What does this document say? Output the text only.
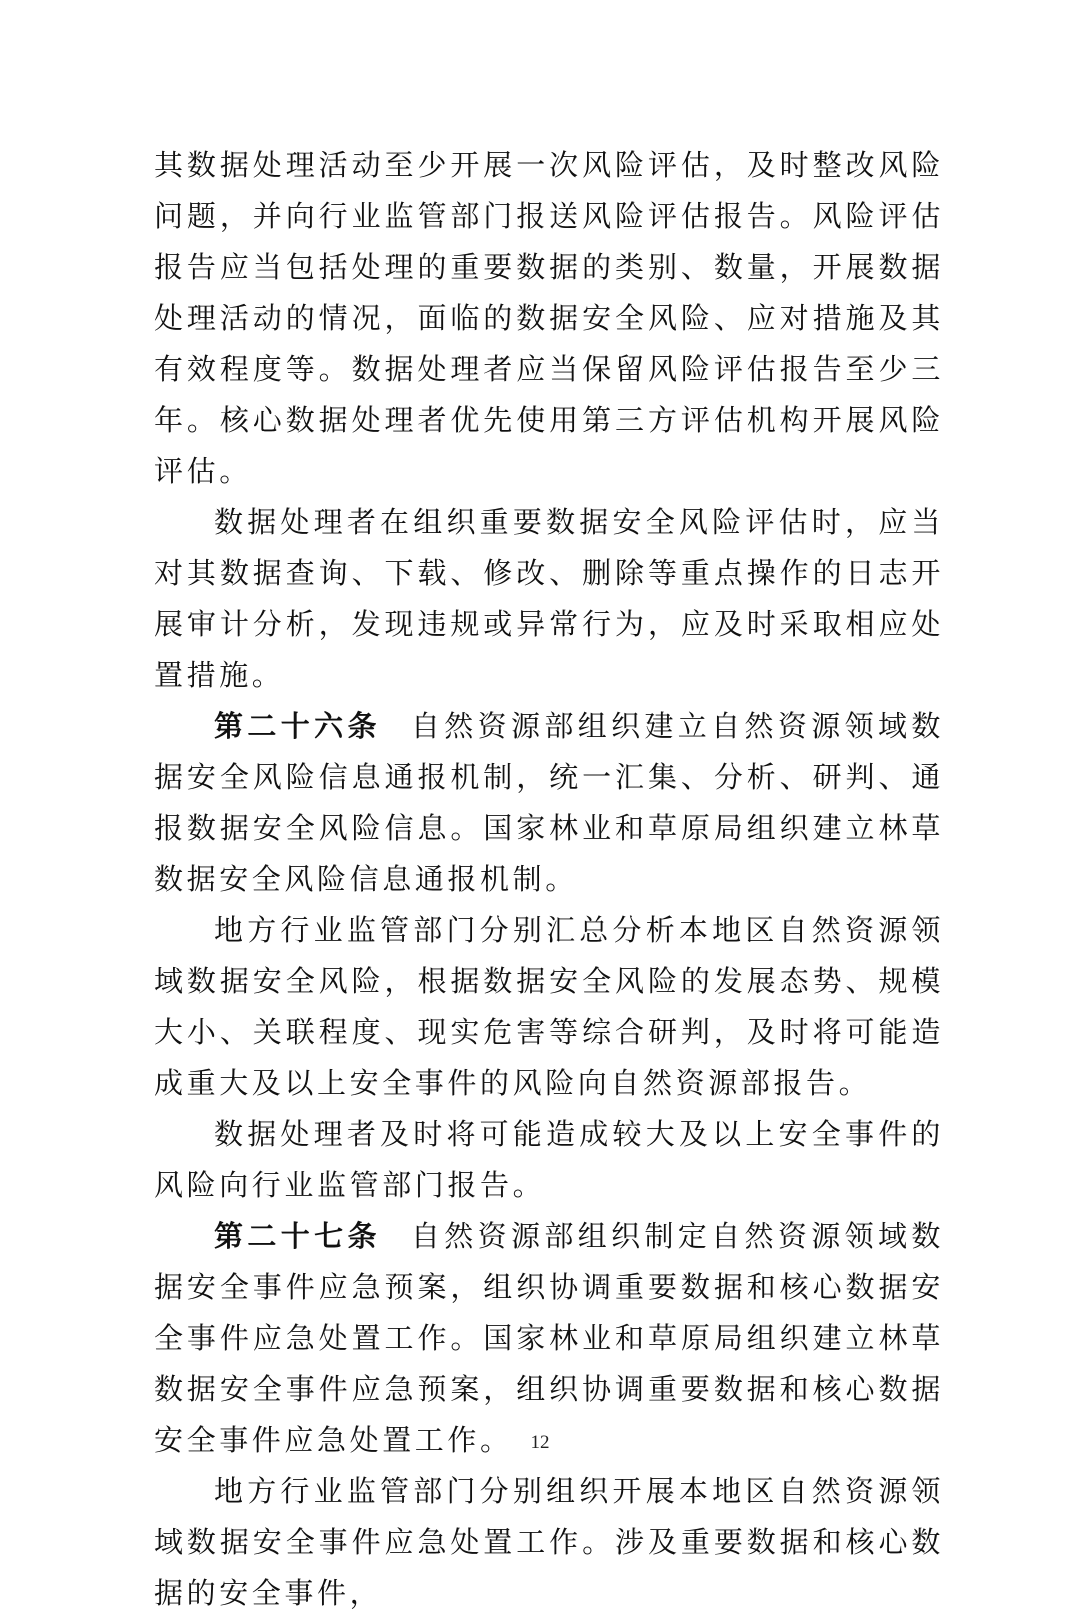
其数据处理活动至少开展一次风险评估，及时整改风险问题，并向行业监管部门报送风险评估报告。风险评估报告应当包括处理的重要数据的类别、数量，开展数据处理活动的情况，面临的数据安全风险、应对措施及其有效程度等。数据处理者应当保留风险评估报告至少三年。核心数据处理者优先使用第三方评估机构开展风险评估。

数据处理者在组织重要数据安全风险评估时，应当对其数据查询、下载、修改、删除等重点操作的日志开展审计分析，发现违规或异常行为，应及时采取相应处置措施。

第二十六条 自然资源部组织建立自然资源领域数据安全风险信息通报机制，统一汇集、分析、研判、通报数据安全风险信息。国家林业和草原局组织建立林草数据安全风险信息通报机制。

地方行业监管部门分别汇总分析本地区自然资源领域数据安全风险，根据数据安全风险的发展态势、规模大小、关联程度、现实危害等综合研判，及时将可能造成重大及以上安全事件的风险向自然资源部报告。

数据处理者及时将可能造成较大及以上安全事件的风险向行业监管部门报告。

第二十七条 自然资源部组织制定自然资源领域数据安全事件应急预案，组织协调重要数据和核心数据安全事件应急处置工作。国家林业和草原局组织建立林草数据安全事件应急预案，组织协调重要数据和核心数据安全事件应急处置工作。

地方行业监管部门分别组织开展本地区自然资源领域数据安全事件应急处置工作。涉及重要数据和核心数据的安全事件，

12
